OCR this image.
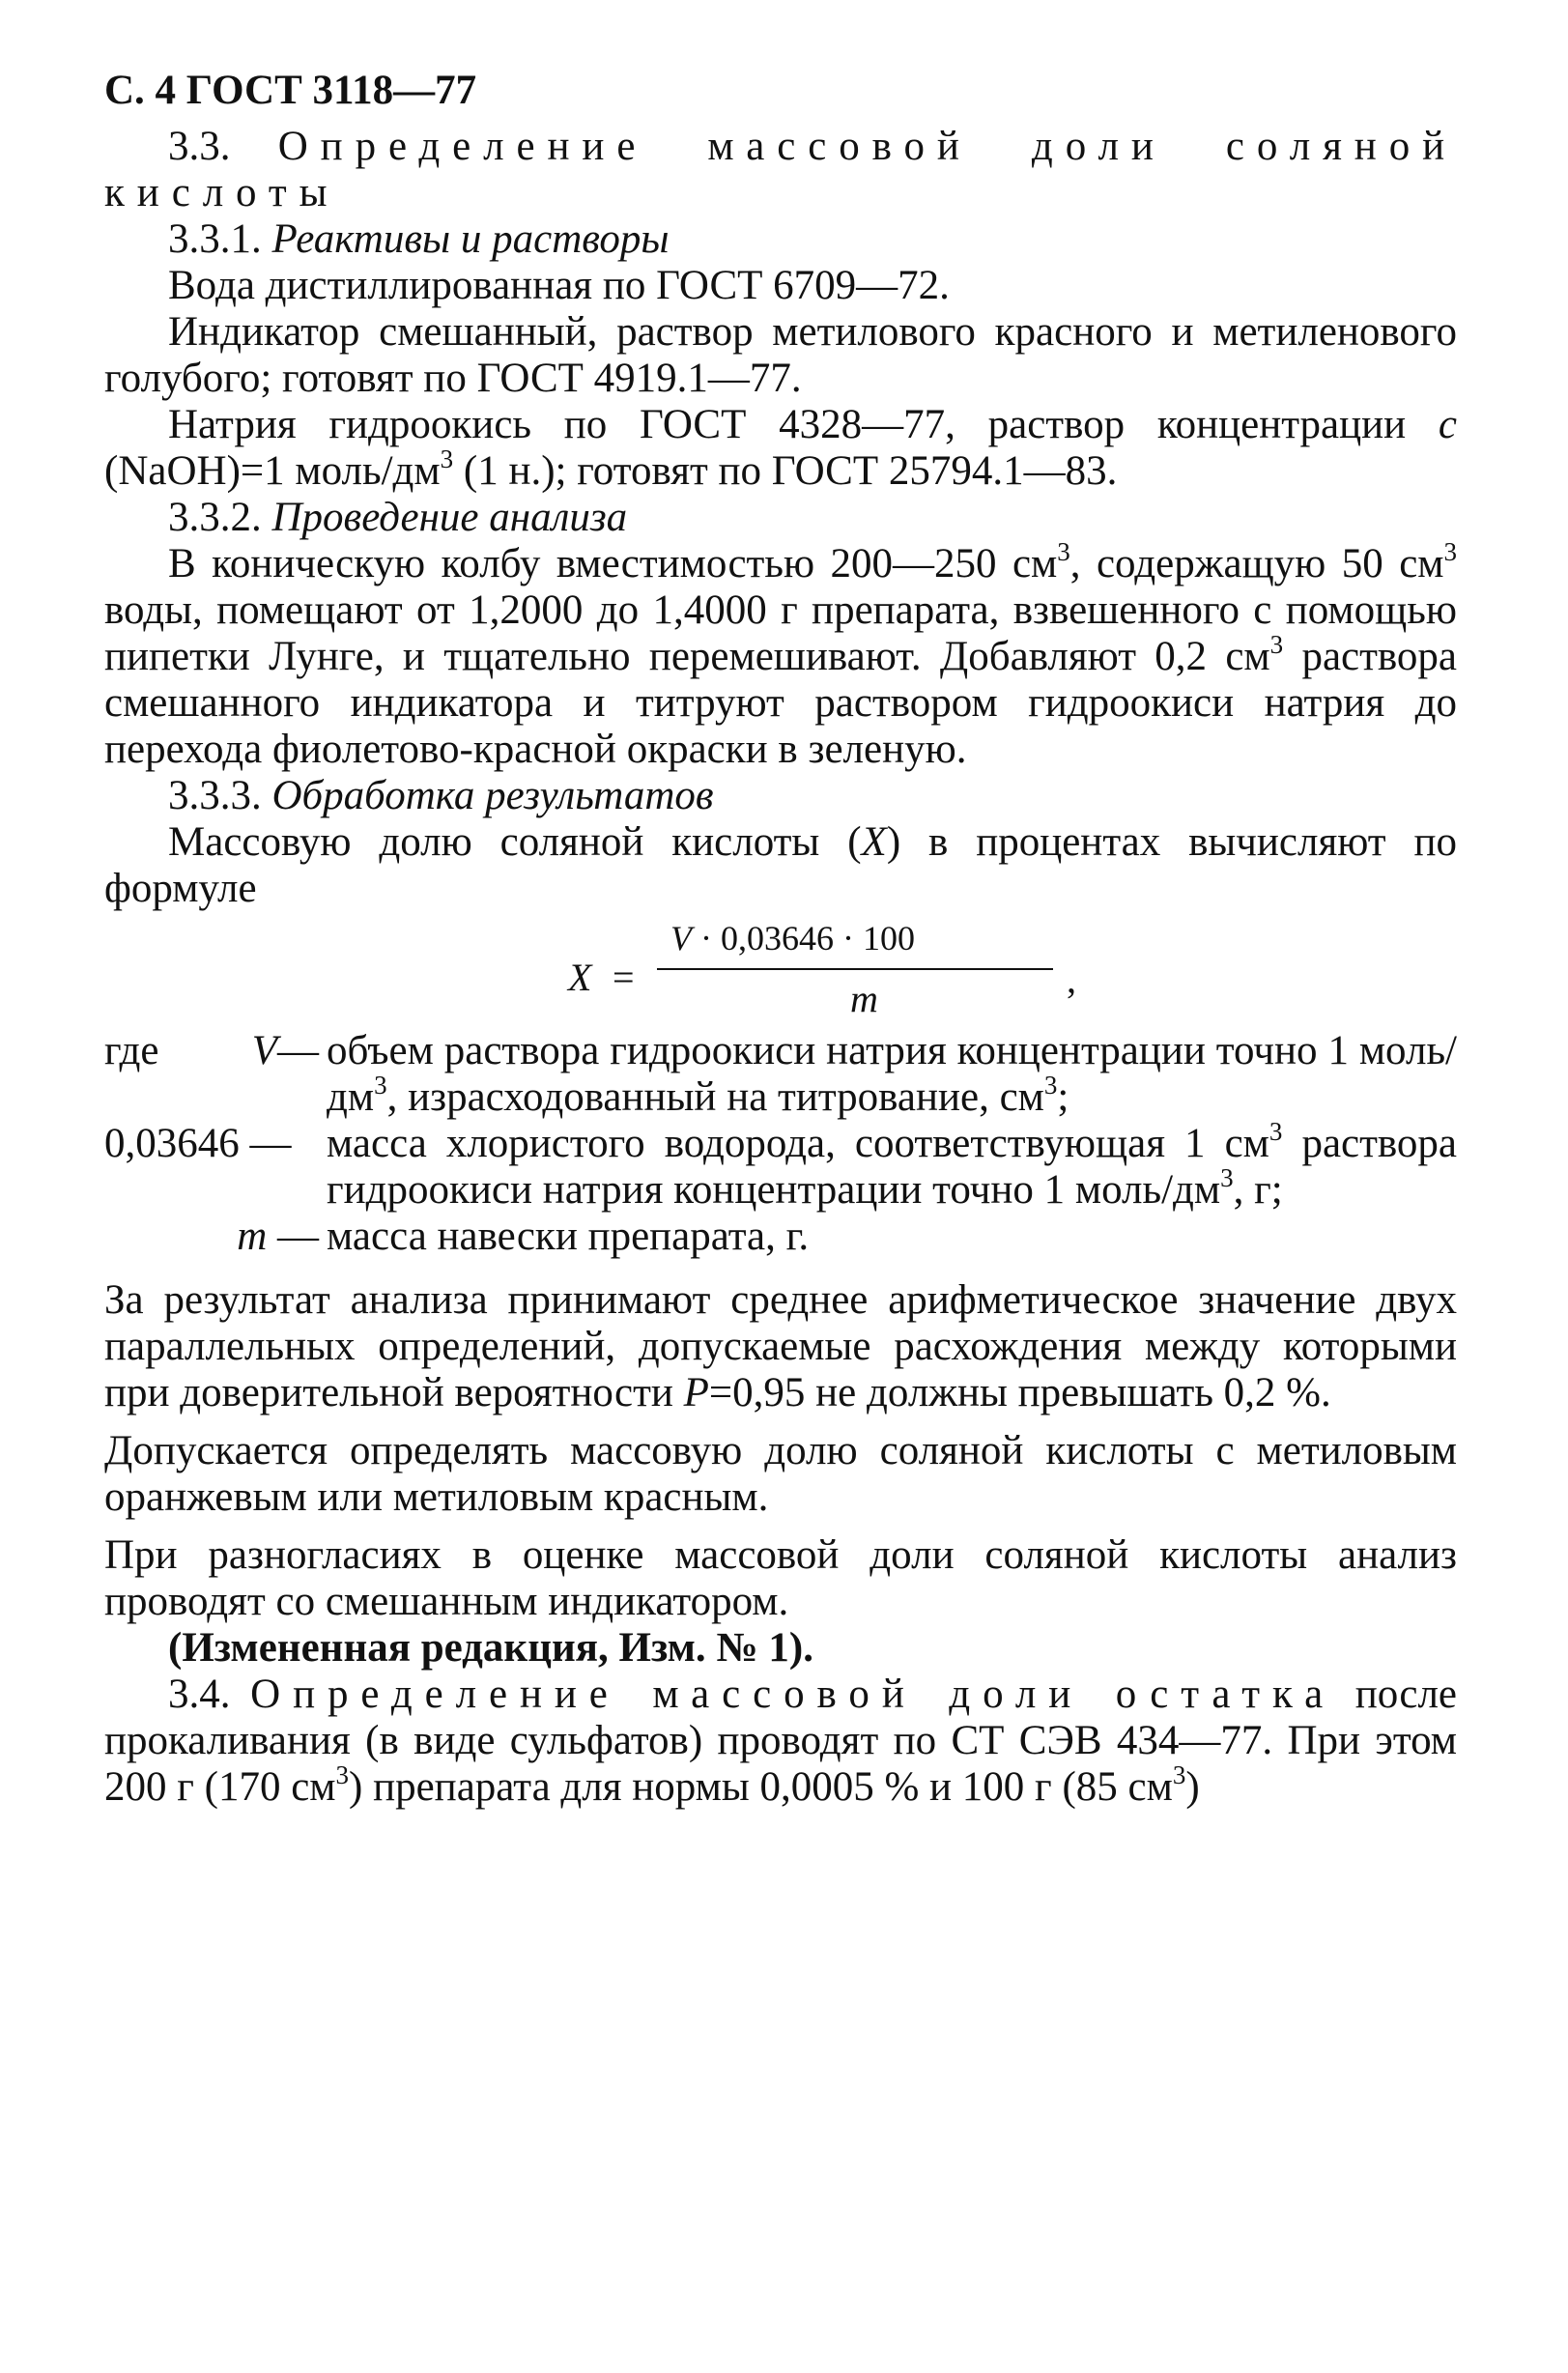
С. 4 ГОСТ 3118—77

3.3. Определение массовой доли соляной кислоты

3.3.1. Реактивы и растворы

Вода дистиллированная по ГОСТ 6709—72.

Индикатор смешанный, раствор метилового красного и метиленового голубого; готовят по ГОСТ 4919.1—77.

Натрия гидроокись по ГОСТ 4328—77, раствор концентрации c (NaOH)=1 моль/$дм^3$ (1 н.); готовят по ГОСТ 25794.1—83.

3.3.2. Проведение анализа

В коническую колбу вместимостью 200—250 $см^3$, содержащую 50 $см^3$ воды, помещают от 1,2000 до 1,4000 г препарата, взвешенного с помощью пипетки Лунге, и тщательно перемешивают. Добавляют 0,2 $см^3$ раствора смешанного индикатора и титруют раствором гидроокиси натрия до перехода фиолетово-красной окраски в зеленую.

3.3.3. Обработка результатов

Массовую долю соляной кислоты (X) в процентах вычисляют по формуле

X =
V · 0,03646 · 100
m	,
где V— объем раствора гидроокиси натрия концентрации точно 1 моль/$дм^3$, израсходованный на титрование, $см^3$;
0,03646 — масса хлористого водорода, соответствующая 1 $см^3$ раствора гидроокиси натрия концентрации точно 1 моль/$дм^3$, г;
m — масса навески препарата, г.

За результат анализа принимают среднее арифметическое значение двух параллельных определений, допускаемые расхождения между которыми при доверительной вероятности P=0,95 не должны превышать 0,2 %.

Допускается определять массовую долю соляной кислоты с метиловым оранжевым или метиловым красным.

При разногласиях в оценке массовой доли соляной кислоты анализ проводят со смешанным индикатором.

(Измененная редакция, Изм. № 1).

3.4. Определение массовой доли остатка после прокаливания (в виде сульфатов) проводят по СТ СЭВ 434—77. При этом 200 г (170 $см^3$) препарата для нормы 0,0005 % и 100 г (85 $см^3$)
